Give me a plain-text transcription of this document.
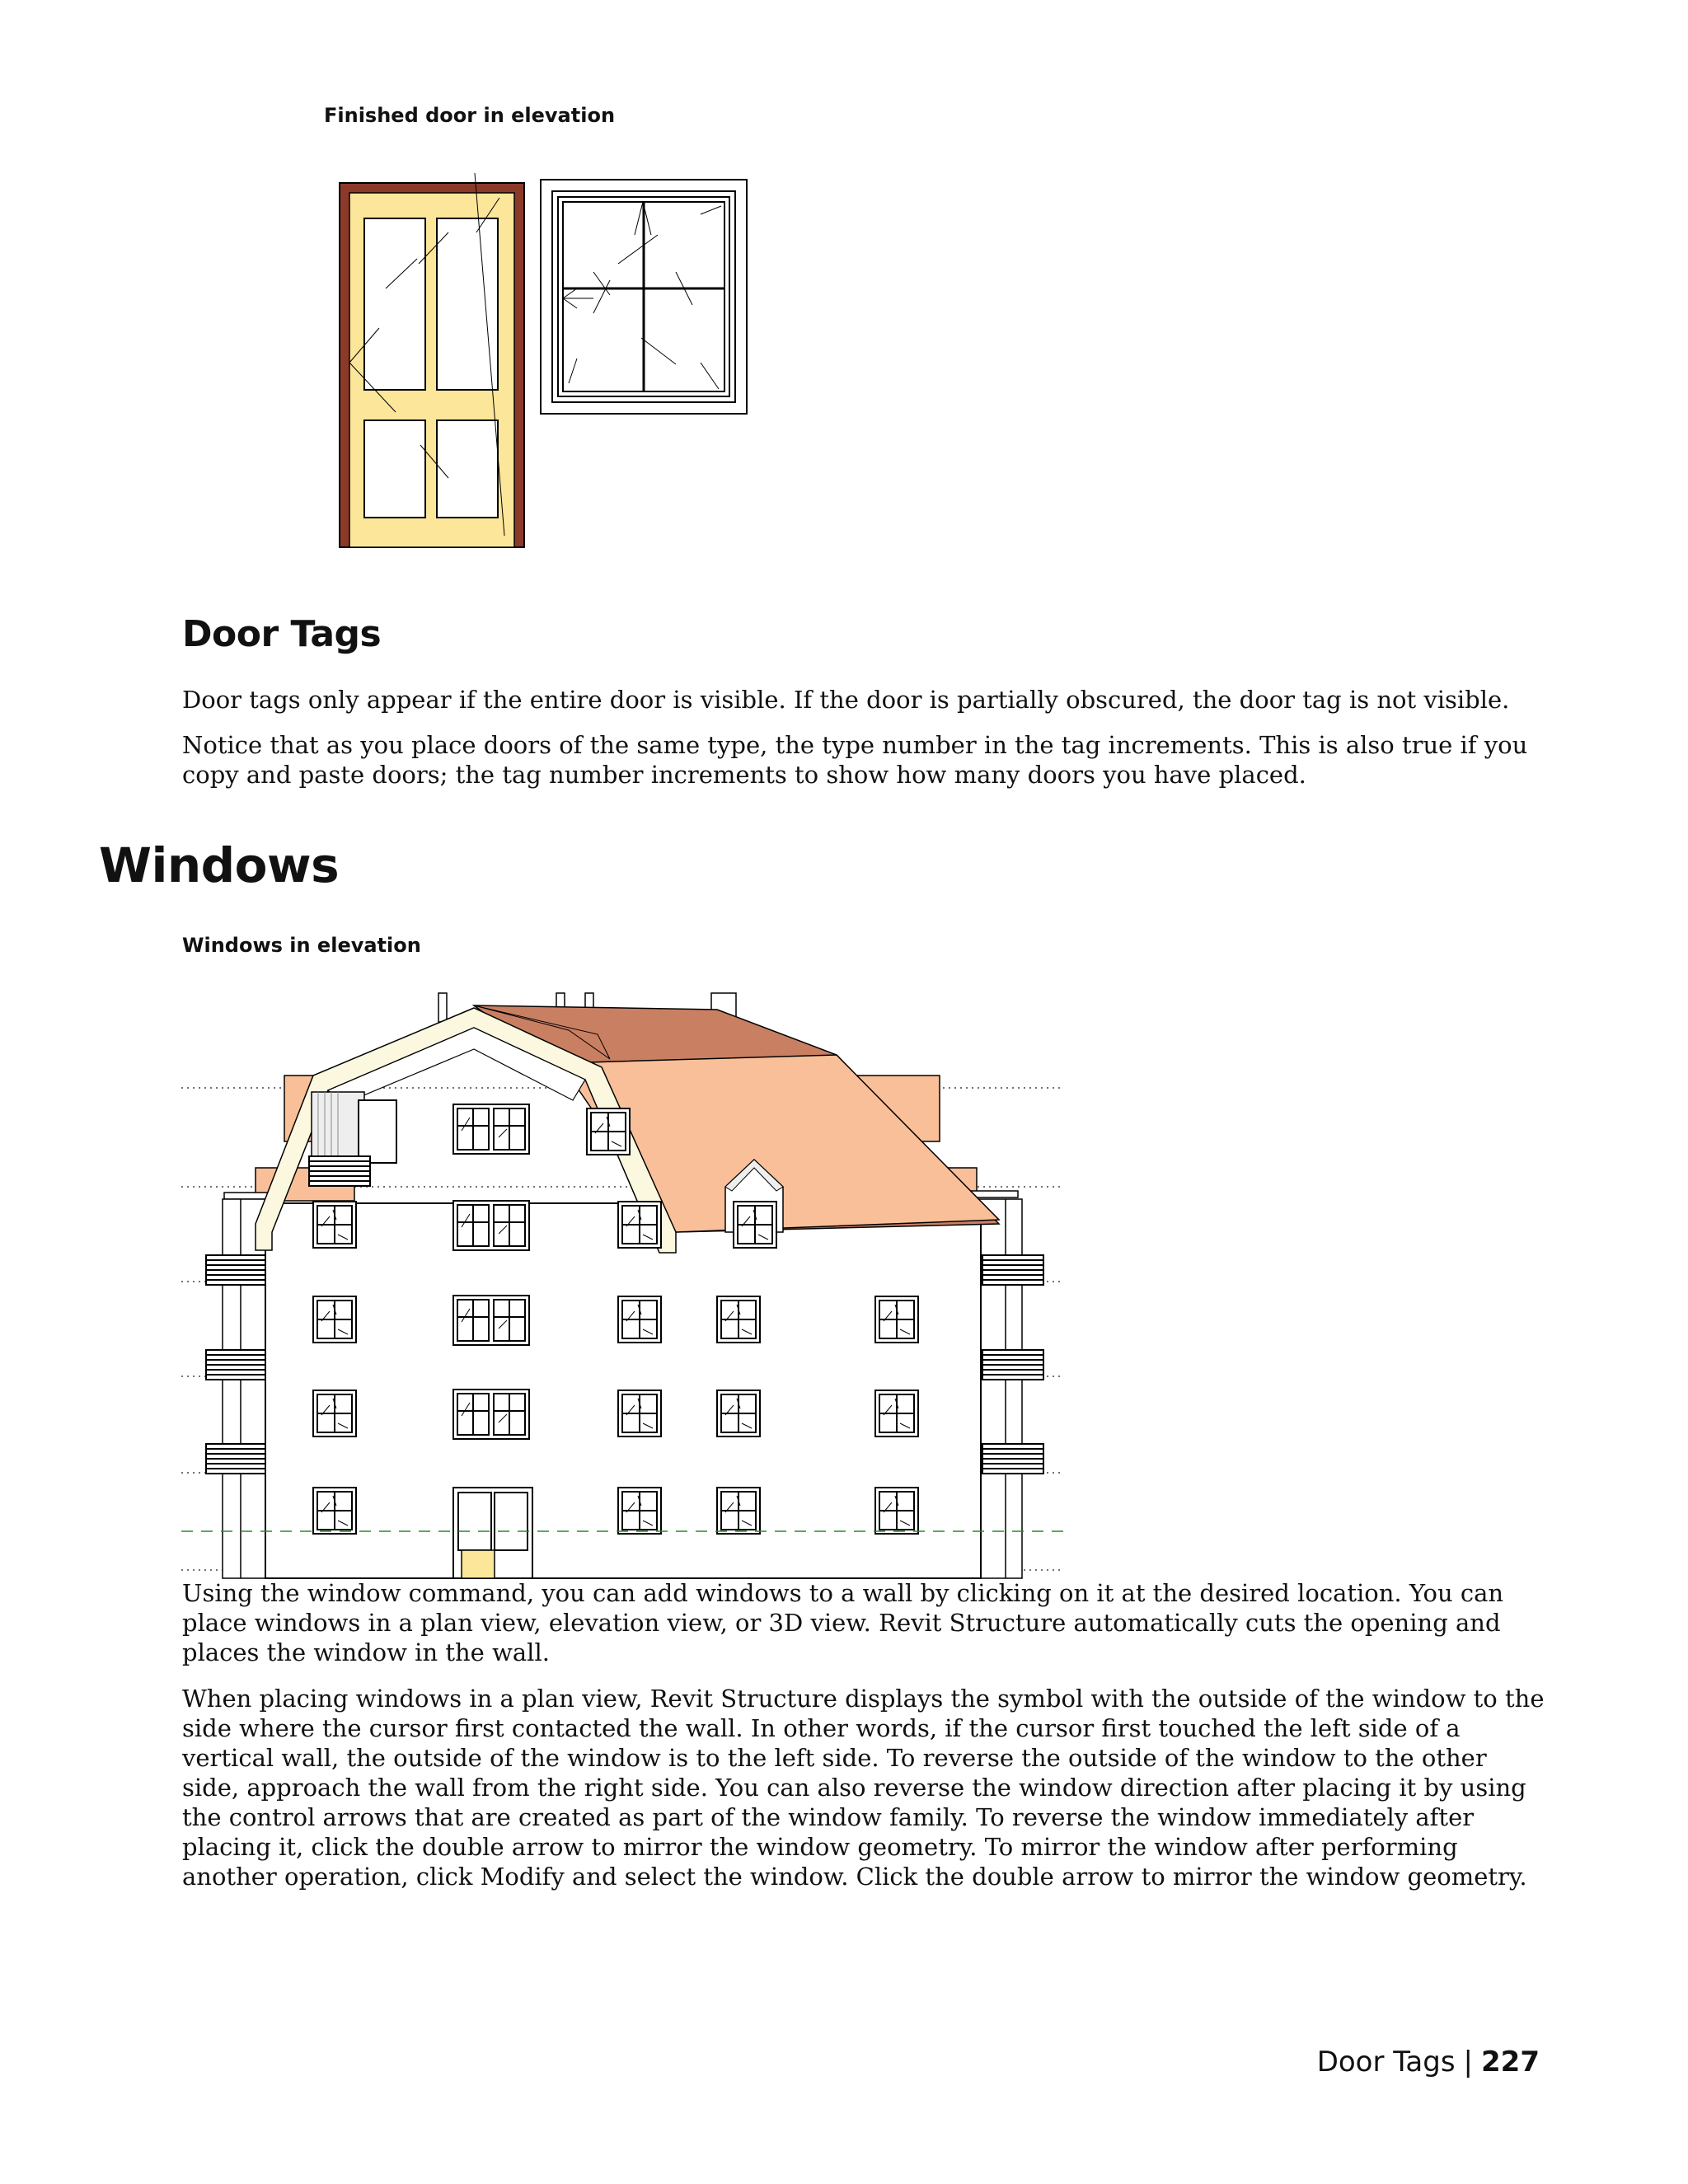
Finished door in elevation
Door Tags

Door tags only appear if the entire door is visible. If the door is partially obscured, the door tag is not visible.

Notice that as you place doors of the same type, the type number in the tag increments. This is also true if you copy and paste doors; the tag number increments to show how many doors you have placed.

Windows
Windows in elevation

Using the window command, you can add windows to a wall by clicking on it at the desired location. You can place windows in a plan view, elevation view, or 3D view. Revit Structure automatically cuts the opening and places the window in the wall.

When placing windows in a plan view, Revit Structure displays the symbol with the outside of the window to the side where the cursor first contacted the wall. In other words, if the cursor first touched the left side of a vertical wall, the outside of the window is to the left side. To reverse the outside of the window to the other side, approach the wall from the right side. You can also reverse the window direction after placing it by using the control arrows that are created as part of the window family. To reverse the window immediately after placing it, click the double arrow to mirror the window geometry. To mirror the window after performing another operation, click Modify and select the window. Click the double arrow to mirror the window geometry.

Door Tags | 227
